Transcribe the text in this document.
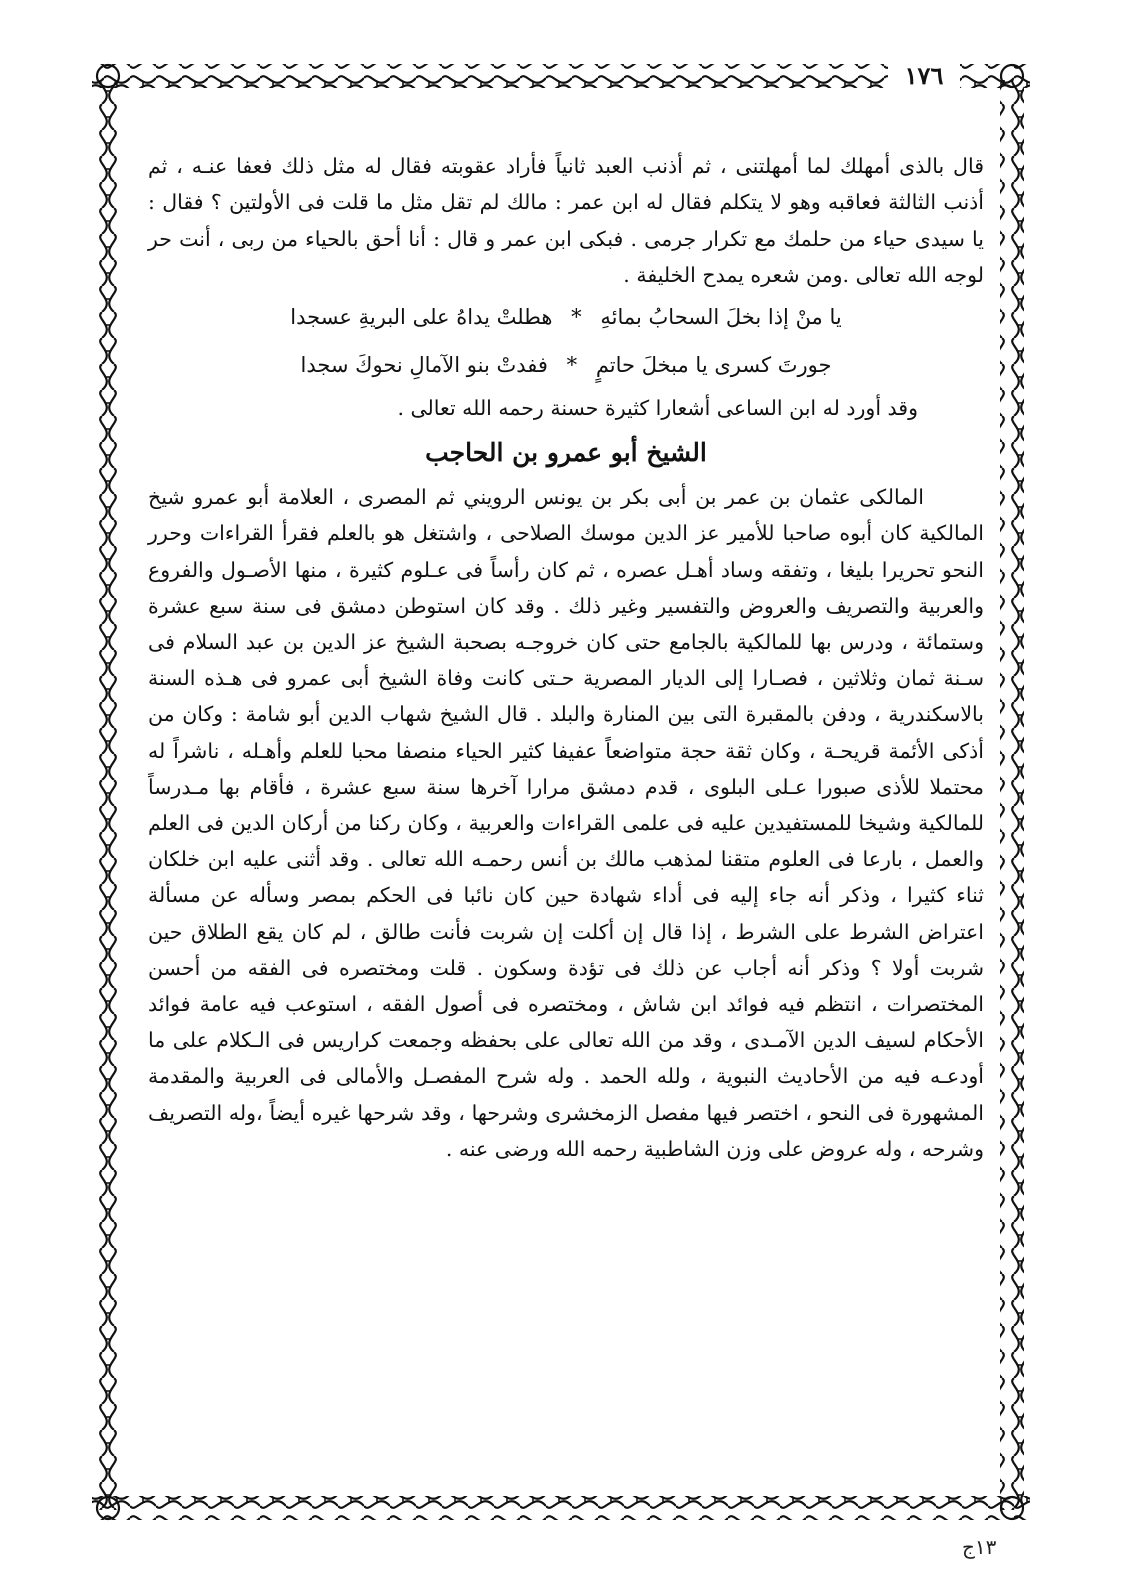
١٧٦

قال بالذى أمهلك لما أمهلتنى ، ثم أذنب العبد ثانياً فأراد عقوبته فقال له مثل ذلك فعفا عنـه ، ثم أذنب الثالثة فعاقبه وهو لا يتكلم فقال له ابن عمر : مالك لم تقل مثل ما قلت فى الأولتين ؟ فقال : يا سيدى حياء من حلمك مع تكرار جرمى . فبكى ابن عمر و قال : أنا أحق بالحياء من ربى ، أنت حر لوجه الله تعالى .ومن شعره يمدح الخليفة .

يا منْ إذا بخلَ السحابُ بمائهِ * هطلتْ يداهُ على البريةِ عسجدا

جورتَ كسرى يا مبخلَ حاتمٍ * ففدتْ بنو الآمالِ نحوكَ سجدا

وقد أورد له ابن الساعى أشعارا كثيرة حسنة رحمه الله تعالى .

الشيخ أبو عمرو بن الحاجب

المالكى عثمان بن عمر بن أبى بكر بن يونس الرويني ثم المصرى ، العلامة أبو عمرو شيخ المالكية كان أبوه صاحبا للأمير عز الدين موسك الصلاحى ، واشتغل هو بالعلم فقرأ القراءات وحرر النحو تحريرا بليغا ، وتفقه وساد أهـل عصره ، ثم كان رأساً فى عـلوم كثيرة ، منها الأصـول والفروع والعربية والتصريف والعروض والتفسير وغير ذلك . وقد كان استوطن دمشق فى سنة سبع عشرة وستمائة ، ودرس بها للمالكية بالجامع حتى كان خروجـه بصحبة الشيخ عز الدين بن عبد السلام فى سـنة ثمان وثلاثين ، فصـارا إلى الديار المصرية حـتى كانت وفاة الشيخ أبى عمرو فى هـذه السنة بالاسكندرية ، ودفن بالمقبرة التى بين المنارة والبلد . قال الشيخ شهاب الدين أبو شامة : وكان من أذكى الأئمة قريحـة ، وكان ثقة حجة متواضعاً عفيفا كثير الحياء منصفا محبا للعلم وأهـله ، ناشراً له محتملا للأذى صبورا عـلى البلوى ، قدم دمشق مرارا آخرها سنة سبع عشرة ، فأقام بها مـدرساً للمالكية وشيخا للمستفيدين عليه فى علمى القراءات والعربية ، وكان ركنا من أركان الدين فى العلم والعمل ، بارعا فى العلوم متقنا لمذهب مالك بن أنس رحمـه الله تعالى . وقد أثنى عليه ابن خلكان ثناء كثيرا ، وذكر أنه جاء إليه فى أداء شهادة حين كان نائبا فى الحكم بمصر وسأله عن مسألة اعتراض الشرط على الشرط ، إذا قال إن أكلت إن شربت فأنت طالق ، لم كان يقع الطلاق حين شربت أولا ؟ وذكر أنه أجاب عن ذلك فى تؤدة وسكون . قلت ومختصره فى الفقه من أحسن المختصرات ، انتظم فيه فوائد ابن شاش ، ومختصره فى أصول الفقه ، استوعب فيه عامة فوائد الأحكام لسيف الدين الآمـدى ، وقد من الله تعالى على بحفظه وجمعت كراريس فى الـكلام على ما أودعـه فيه من الأحاديث النبوية ، ولله الحمد . وله شرح المفصـل والأمالى فى العربية والمقدمة المشهورة فى النحو ، اختصر فيها مفصل الزمخشرى وشرحها ، وقد شرحها غيره أيضاً ،وله التصريف وشرحه ، وله عروض على وزن الشاطبية رحمه الله ورضى عنه .

١٣ج
